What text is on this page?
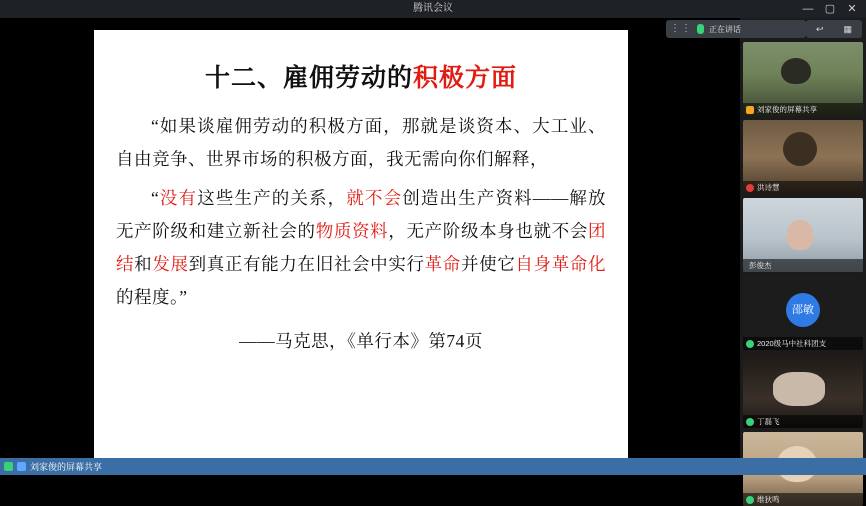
腾讯会议	— ▢ ✕
十二、雇佣劳动的积极方面

“如果谈雇佣劳动的积极方面，那就是谈资本、大工业、自由竞争、世界市场的积极方面，我无需向你们解释，

“没有这些生产的关系，就不会创造出生产资料——解放无产阶级和建立新社会的物质资料，无产阶级本身也就不会团结和发展到真正有能力在旧社会中实行革命并使它自身革命化的程度。”

——马克思，《单行本》第74页
⋮⋮ 正在讲话	↩ ▦
刘家俊的屏幕共享
洪诗慧
彭俊杰
邵敏
2020级马中社科团支
丁磊飞
维狄鸣
刘家俊的屏幕共享
